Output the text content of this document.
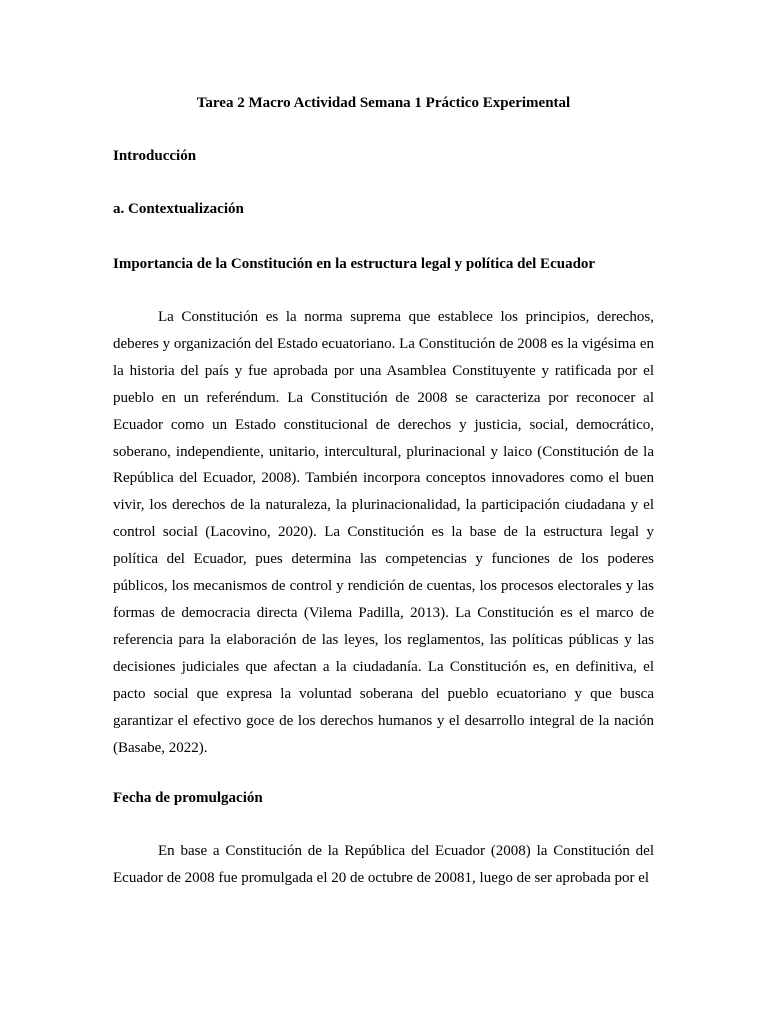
Tarea 2 Macro Actividad Semana 1 Práctico Experimental

Introducción

a. Contextualización

Importancia de la Constitución en la estructura legal y política del Ecuador

La Constitución es la norma suprema que establece los principios, derechos, deberes y organización del Estado ecuatoriano. La Constitución de 2008 es la vigésima en la historia del país y fue aprobada por una Asamblea Constituyente y ratificada por el pueblo en un referéndum. La Constitución de 2008 se caracteriza por reconocer al Ecuador como un Estado constitucional de derechos y justicia, social, democrático, soberano, independiente, unitario, intercultural, plurinacional y laico (Constitución de la República del Ecuador, 2008). También incorpora conceptos innovadores como el buen vivir, los derechos de la naturaleza, la plurinacionalidad, la participación ciudadana y el control social (Lacovino, 2020). La Constitución es la base de la estructura legal y política del Ecuador, pues determina las competencias y funciones de los poderes públicos, los mecanismos de control y rendición de cuentas, los procesos electorales y las formas de democracia directa (Vilema Padilla, 2013). La Constitución es el marco de referencia para la elaboración de las leyes, los reglamentos, las políticas públicas y las decisiones judiciales que afectan a la ciudadanía. La Constitución es, en definitiva, el pacto social que expresa la voluntad soberana del pueblo ecuatoriano y que busca garantizar el efectivo goce de los derechos humanos y el desarrollo integral de la nación (Basabe, 2022).

Fecha de promulgación

En base a Constitución de la República del Ecuador (2008) la Constitución del Ecuador de 2008 fue promulgada el 20 de octubre de 20081, luego de ser aprobada por el
